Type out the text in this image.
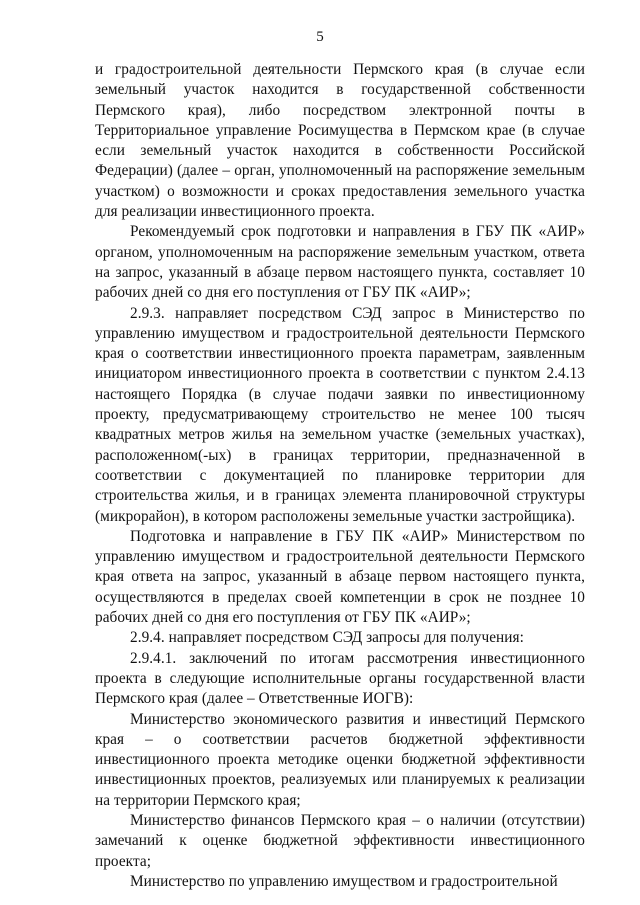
5

и градостроительной деятельности Пермского края (в случае если земельный участок находится в государственной собственности Пермского края), либо посредством электронной почты в Территориальное управление Росимущества в Пермском крае (в случае если земельный участок находится в собственности Российской Федерации) (далее – орган, уполномоченный на распоряжение земельным участком) о возможности и сроках предоставления земельного участка для реализации инвестиционного проекта.

Рекомендуемый срок подготовки и направления в ГБУ ПК «АИР» органом, уполномоченным на распоряжение земельным участком, ответа на запрос, указанный в абзаце первом настоящего пункта, составляет 10 рабочих дней со дня его поступления от ГБУ ПК «АИР»;

2.9.3. направляет посредством СЭД запрос в Министерство по управлению имуществом и градостроительной деятельности Пермского края о соответствии инвестиционного проекта параметрам, заявленным инициатором инвестиционного проекта в соответствии с пунктом 2.4.13 настоящего Порядка (в случае подачи заявки по инвестиционному проекту, предусматривающему строительство не менее 100 тысяч квадратных метров жилья на земельном участке (земельных участках), расположенном(-ых) в границах территории, предназначенной в соответствии с документацией по планировке территории для строительства жилья, и в границах элемента планировочной структуры (микрорайон), в котором расположены земельные участки застройщика).

Подготовка и направление в ГБУ ПК «АИР» Министерством по управлению имуществом и градостроительной деятельности Пермского края ответа на запрос, указанный в абзаце первом настоящего пункта, осуществляются в пределах своей компетенции в срок не позднее 10 рабочих дней со дня его поступления от ГБУ ПК «АИР»;

2.9.4. направляет посредством СЭД запросы для получения:

2.9.4.1. заключений по итогам рассмотрения инвестиционного проекта в следующие исполнительные органы государственной власти Пермского края (далее – Ответственные ИОГВ):

Министерство экономического развития и инвестиций Пермского края – о соответствии расчетов бюджетной эффективности инвестиционного проекта методике оценки бюджетной эффективности инвестиционных проектов, реализуемых или планируемых к реализации на территории Пермского края;

Министерство финансов Пермского края – о наличии (отсутствии) замечаний к оценке бюджетной эффективности инвестиционного проекта;

Министерство по управлению имуществом и градостроительной
